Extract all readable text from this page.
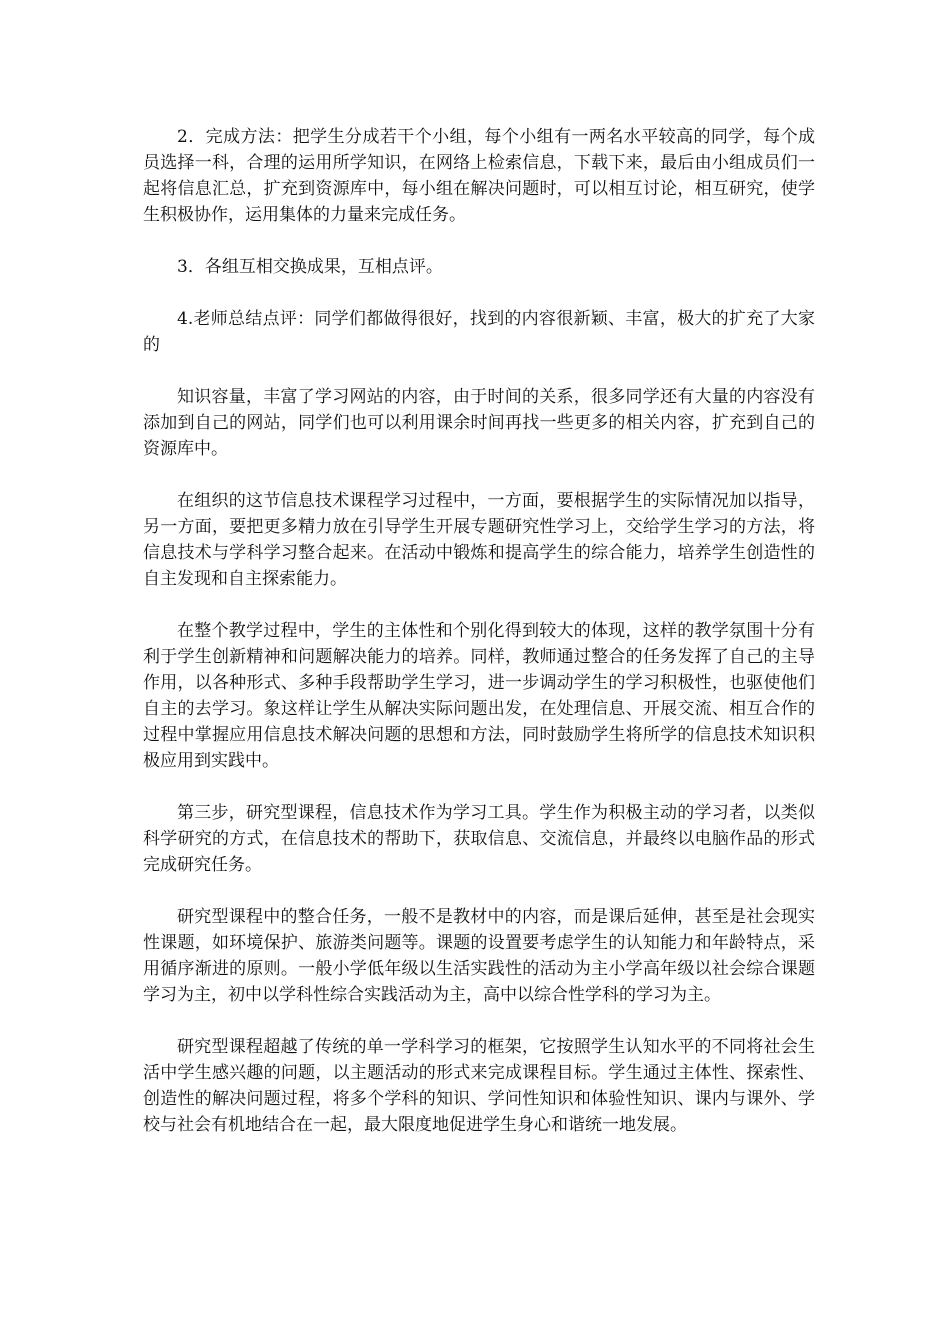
2．完成方法：把学生分成若干个小组，每个小组有一两名水平较高的同学，每个成员选择一科，合理的运用所学知识，在网络上检索信息，下载下来，最后由小组成员们一起将信息汇总，扩充到资源库中，每小组在解决问题时，可以相互讨论，相互研究，使学生积极协作，运用集体的力量来完成任务。

3．各组互相交换成果，互相点评。

4.老师总结点评：同学们都做得很好，找到的内容很新颖、丰富，极大的扩充了大家的

知识容量，丰富了学习网站的内容，由于时间的关系，很多同学还有大量的内容没有添加到自己的网站，同学们也可以利用课余时间再找一些更多的相关内容，扩充到自己的资源库中。

在组织的这节信息技术课程学习过程中，一方面，要根据学生的实际情况加以指导，另一方面，要把更多精力放在引导学生开展专题研究性学习上，交给学生学习的方法，将信息技术与学科学习整合起来。在活动中锻炼和提高学生的综合能力，培养学生创造性的自主发现和自主探索能力。

在整个教学过程中，学生的主体性和个别化得到较大的体现，这样的教学氛围十分有利于学生创新精神和问题解决能力的培养。同样，教师通过整合的任务发挥了自己的主导作用，以各种形式、多种手段帮助学生学习，进一步调动学生的学习积极性，也驱使他们自主的去学习。象这样让学生从解决实际问题出发，在处理信息、开展交流、相互合作的过程中掌握应用信息技术解决问题的思想和方法，同时鼓励学生将所学的信息技术知识积极应用到实践中。

第三步，研究型课程，信息技术作为学习工具。学生作为积极主动的学习者，以类似科学研究的方式，在信息技术的帮助下，获取信息、交流信息，并最终以电脑作品的形式完成研究任务。

研究型课程中的整合任务，一般不是教材中的内容，而是课后延伸，甚至是社会现实性课题，如环境保护、旅游类问题等。课题的设置要考虑学生的认知能力和年龄特点，采用循序渐进的原则。一般小学低年级以生活实践性的活动为主小学高年级以社会综合课题学习为主，初中以学科性综合实践活动为主，高中以综合性学科的学习为主。

研究型课程超越了传统的单一学科学习的框架，它按照学生认知水平的不同将社会生活中学生感兴趣的问题，以主题活动的形式来完成课程目标。学生通过主体性、探索性、创造性的解决问题过程，将多个学科的知识、学问性知识和体验性知识、课内与课外、学校与社会有机地结合在一起，最大限度地促进学生身心和谐统一地发展。
